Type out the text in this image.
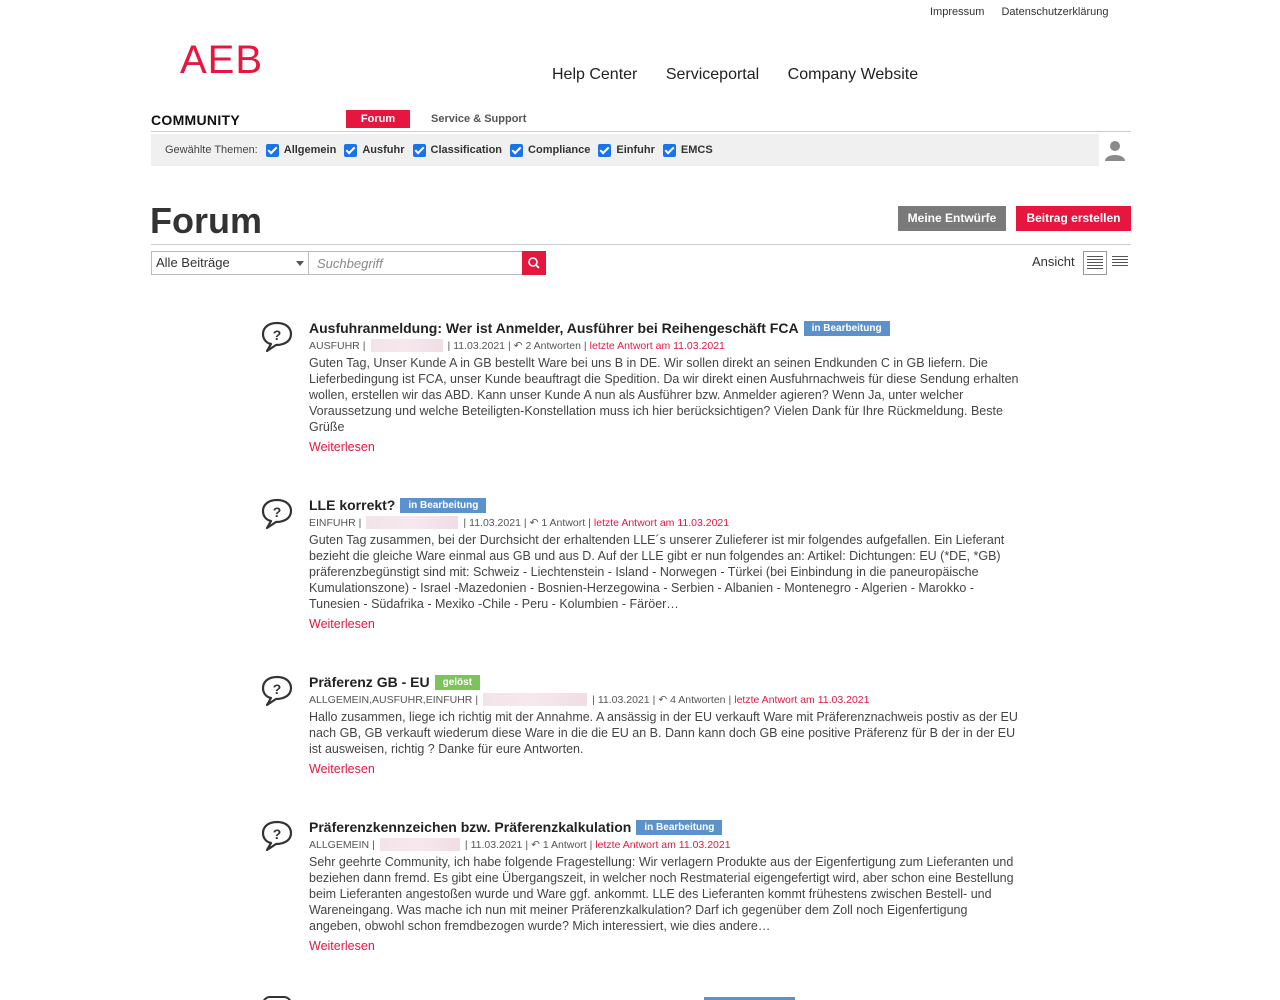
Impressum Datenschutzerklärung
AEB	Help Center Serviceportal Company Website
COMMUNITY	Forum	Service & Support
Gewählte Themen: Allgemein Ausfuhr Classification Compliance Einfuhr EMCS
Forum	Meine Entwürfe	Beitrag erstellen
Alle Beiträge
Suchbegriff	Ansicht
? Ausfuhranmeldung: Wer ist Anmelder, Ausführer bei Reihengeschäft FCA	in Bearbeitung
AUSFUHR |	| 11.03.2021 | ↶ 2 Antworten | letzte Antwort am 11.03.2021
Guten Tag, Unser Kunde A in GB bestellt Ware bei uns B in DE. Wir sollen direkt an seinen Endkunden C in GB liefern. Die Lieferbedingung ist FCA, unser Kunde beauftragt die Spedition. Da wir direkt einen Ausfuhrnachweis für diese Sendung erhalten wollen, erstellen wir das ABD. Kann unser Kunde A nun als Ausführer bzw. Anmelder agieren? Wenn Ja, unter welcher Voraussetzung und welche Beteiligten-Konstellation muss ich hier berücksichtigen? Vielen Dank für Ihre Rückmeldung. Beste Grüße
Weiterlesen
? LLE korrekt?	in Bearbeitung
EINFUHR |	| 11.03.2021 | ↶ 1 Antwort | letzte Antwort am 11.03.2021
Guten Tag zusammen, bei der Durchsicht der erhaltenden LLE´s unserer Zulieferer ist mir folgendes aufgefallen. Ein Lieferant bezieht die gleiche Ware einmal aus GB und aus D. Auf der LLE gibt er nun folgendes an: Artikel: Dichtungen: EU (*DE, *GB) präferenzbegünstigt sind mit: Schweiz - Liechtenstein - Island - Norwegen - Türkei (bei Einbindung in die paneuropäische Kumulationszone) - Israel -Mazedonien - Bosnien-Herzegowina - Serbien - Albanien - Montenegro - Algerien - Marokko - Tunesien - Südafrika - Mexiko -Chile - Peru - Kolumbien - Färöer…
Weiterlesen
? Präferenz GB - EU	gelöst
ALLGEMEIN,AUSFUHR,EINFUHR |	| 11.03.2021 | ↶ 4 Antworten | letzte Antwort am 11.03.2021
Hallo zusammen, liege ich richtig mit der Annahme. A ansässig in der EU verkauft Ware mit Präferenznachweis postiv as der EU nach GB, GB verkauft wiederum diese Ware in die die EU an B. Dann kann doch GB eine positive Präferenz für B der in der EU ist ausweisen, richtig ? Danke für eure Antworten.
Weiterlesen
? Präferenzkennzeichen bzw. Präferenzkalkulation	in Bearbeitung
ALLGEMEIN |	| 11.03.2021 | ↶ 1 Antwort | letzte Antwort am 11.03.2021
Sehr geehrte Community, ich habe folgende Fragestellung: Wir verlagern Produkte aus der Eigenfertigung zum Lieferanten und beziehen dann fremd. Es gibt eine Übergangszeit, in welcher noch Restmaterial eigengefertigt wird, aber schon eine Bestellung beim Lieferanten angestoßen wurde und Ware ggf. ankommt. LLE des Lieferanten kommt frühestens zwischen Bestell- und Wareneingang. Was mache ich nun mit meiner Präferenzkalkulation? Darf ich gegenüber dem Zoll noch Eigenfertigung angeben, obwohl schon fremdbezogen wurde? Mich interessiert, wie dies andere…
Weiterlesen
